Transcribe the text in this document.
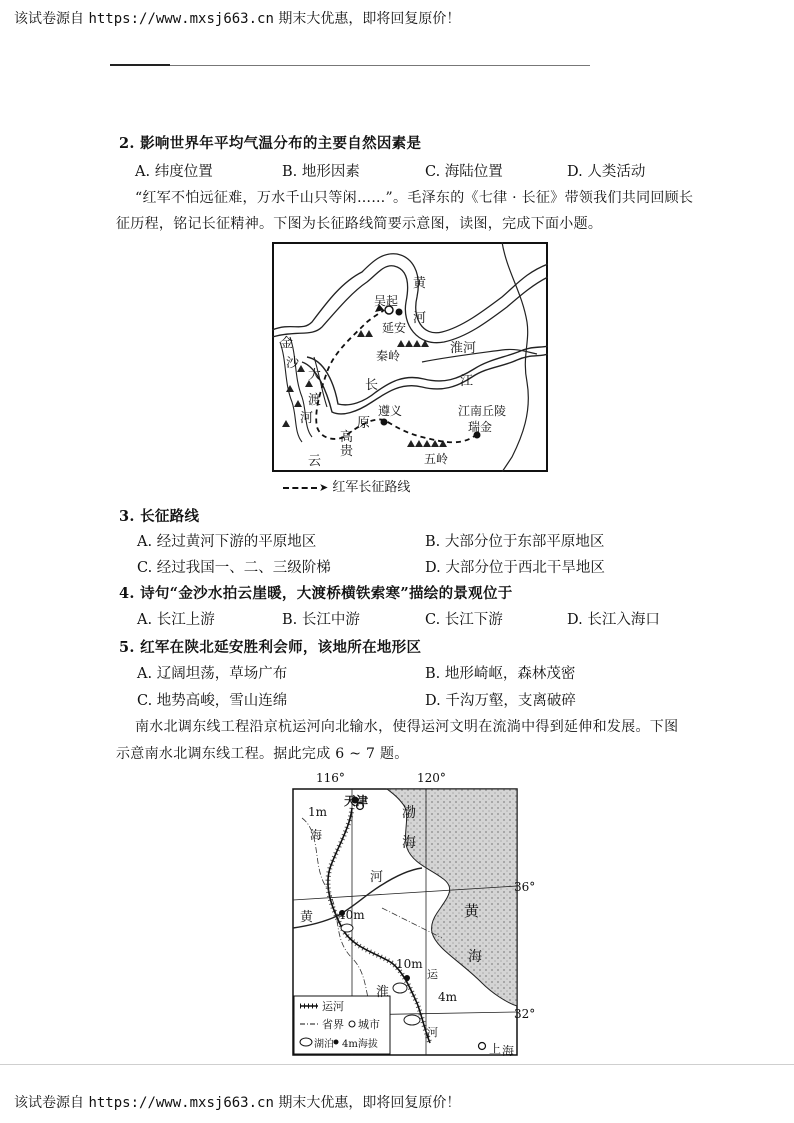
该试卷源自 https://www.mxsj663.cn 期末大优惠，即将回复原价！
2. 影响世界年平均气温分布的主要自然因素是
A. 纬度位置	B. 地形因素	C. 海陆位置	D. 人类活动
“红军不怕远征难，万水千山只等闲……”。毛泽东的《七律 · 长征》带领我们共同回顾长
征历程，铭记长征精神。下图为长征路线简要示意图，读图，完成下面小题。
黄
河
吴起
延安
秦岭	淮河
金
沙
大
渡
河
长	江
遵义	江南丘陵
瑞金
云
贵
高
原
五岭
➤ 红军长征路线
3. 长征路线
A. 经过黄河下游的平原地区	B. 大部分位于东部平原地区
C. 经过我国一、二、三级阶梯	D. 大部分位于西北干旱地区
4. 诗句“金沙水拍云崖暖，大渡桥横铁索寒”描绘的景观位于
A. 长江上游	B. 长江中游	C. 长江下游	D. 长江入海口
5. 红军在陕北延安胜利会师，该地所在地形区
A. 辽阔坦荡，草场广布	B. 地形崎岖，森林茂密
C. 地势高峻，雪山连绵	D. 千沟万壑，支离破碎
南水北调东线工程沿京杭运河向北输水，使得运河文明在流淌中得到延伸和发展。下图
示意南水北调东线工程。据此完成 6 ~ 7 题。
116°	120°
天津
渤
海
1m
海
河
40m
黄	黄
海
10m
淮	4m
上 海
运
河
运河
省界 城市
湖泊 4m海拔
36°
32°
该试卷源自 https://www.mxsj663.cn 期末大优惠，即将回复原价！
